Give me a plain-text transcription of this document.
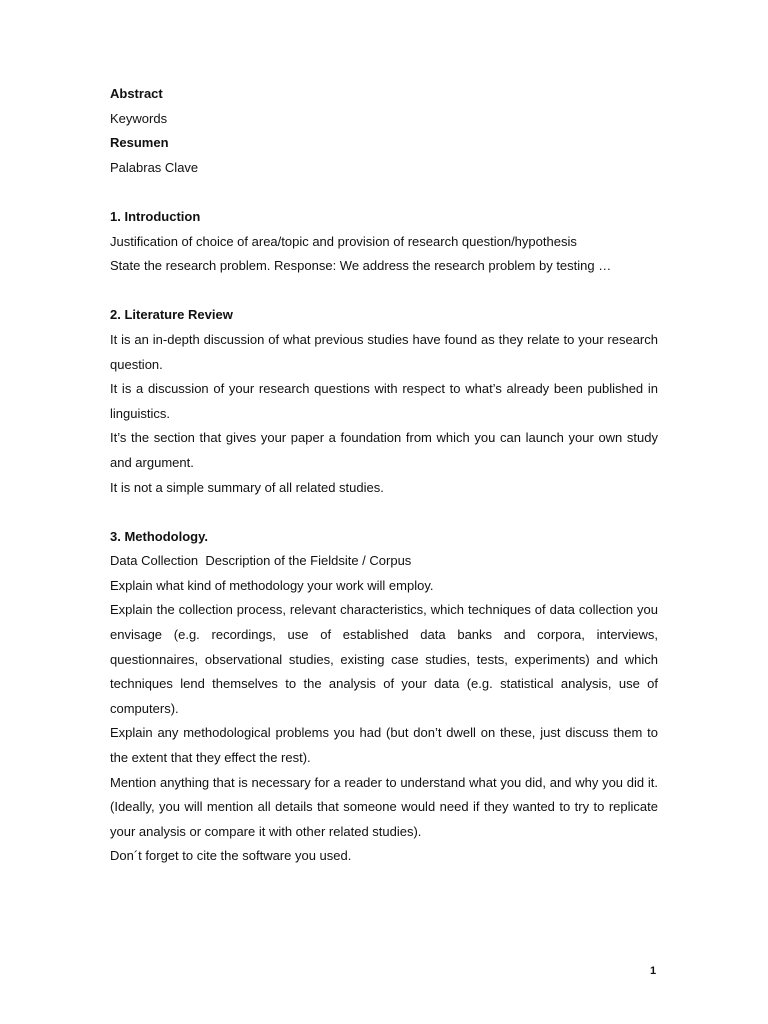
Abstract
Keywords
Resumen
Palabras Clave
1. Introduction
Justification of choice of area/topic and provision of research question/hypothesis
State the research problem. Response: We address the research problem by testing …
2. Literature Review
It is an in-depth discussion of what previous studies have found as they relate to your research question.
It is a discussion of your research questions with respect to what’s already been published in linguistics.
It’s the section that gives your paper a foundation from which you can launch your own study and argument.
It is not a simple summary of all related studies.
3. Methodology.
Data Collection  Description of the Fieldsite / Corpus
Explain what kind of methodology your work will employ.
Explain the collection process, relevant characteristics, which techniques of data collection you envisage (e.g. recordings, use of established data banks and corpora, interviews, questionnaires, observational studies, existing case studies, tests, experiments) and which techniques lend themselves to the analysis of your data (e.g. statistical analysis, use of computers).
Explain any methodological problems you had (but don’t dwell on these, just discuss them to the extent that they effect the rest).
Mention anything that is necessary for a reader to understand what you did, and why you did it. (Ideally, you will mention all details that someone would need if they wanted to try to replicate your analysis or compare it with other related studies).
Don´t forget to cite the software you used.
1
